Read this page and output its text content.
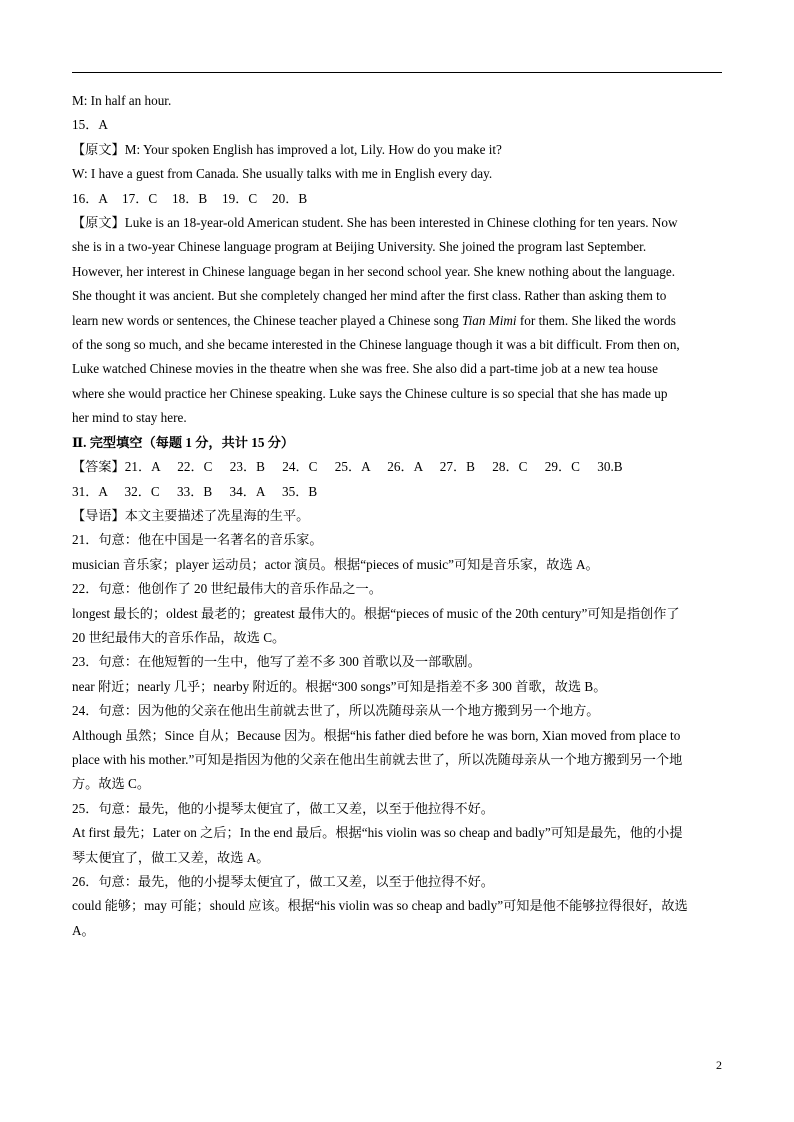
M: In half an hour.
15．A
【原文】M: Your spoken English has improved a lot, Lily. How do you make it?
W: I have a guest from Canada. She usually talks with me in English every day.
16．A	17．C	18．B	19．C	20．B
【原文】Luke is an 18-year-old American student. She has been interested in Chinese clothing for ten years. Now
she is in a two-year Chinese language program at Beijing University. She joined the program last September.
However, her interest in Chinese language began in her second school year. She knew nothing about the language.
She thought it was ancient. But she completely changed her mind after the first class. Rather than asking them to
learn new words or sentences, the Chinese teacher played a Chinese song Tian Mimi for them. She liked the words
of the song so much, and she became interested in the Chinese language though it was a bit difficult. From then on,
Luke watched Chinese movies in the theatre when she was free. She also did a part-time job at a new tea house
where she would practice her Chinese speaking. Luke says the Chinese culture is so special that she has made up
her mind to stay here.
Ⅱ. 完型填空（每题 1 分，共计 15 分）
【答案】 21．A	22．C	23．B	24．C	25．A	26．A	27．B	28．C	29．C	30.B
31．A	32．C	33．B	34．A	35．B
【导语】本文主要描述了冼星海的生平。
21．句意：他在中国是一名著名的音乐家。
musician 音乐家；player 运动员；actor 演员。根据“pieces of music”可知是音乐家，故选 A。
22．句意：他创作了 20 世纪最伟大的音乐作品之一。
longest 最长的；oldest 最老的；greatest 最伟大的。根据“pieces of music of the 20th century”可知是指创作了
20 世纪最伟大的音乐作品，故选 C。
23．句意：在他短暂的一生中，他写了差不多 300 首歌以及一部歌剧。
near 附近；nearly 几乎；nearby 附近的。根据“300 songs”可知是指差不多 300 首歌，故选 B。
24．句意：因为他的父亲在他出生前就去世了，所以冼随母亲从一个地方搬到另一个地方。
Although 虽然；Since 自从；Because 因为。根据“his father died before he was born, Xian moved from place to
place with his mother.”可知是指因为他的父亲在他出生前就去世了，所以冼随母亲从一个地方搬到另一个地
方。故选 C。
25．句意：最先，他的小提琴太便宜了，做工又差，以至于他拉得不好。
At first 最先；Later on 之后；In the end 最后。根据“his violin was so cheap and badly”可知是最先，他的小提
琴太便宜了，做工又差，故选 A。
26．句意：最先，他的小提琴太便宜了，做工又差，以至于他拉得不好。
could 能够；may 可能；should 应该。根据“his violin was so cheap and badly”可知是他不能够拉得很好，故选
A。
2
